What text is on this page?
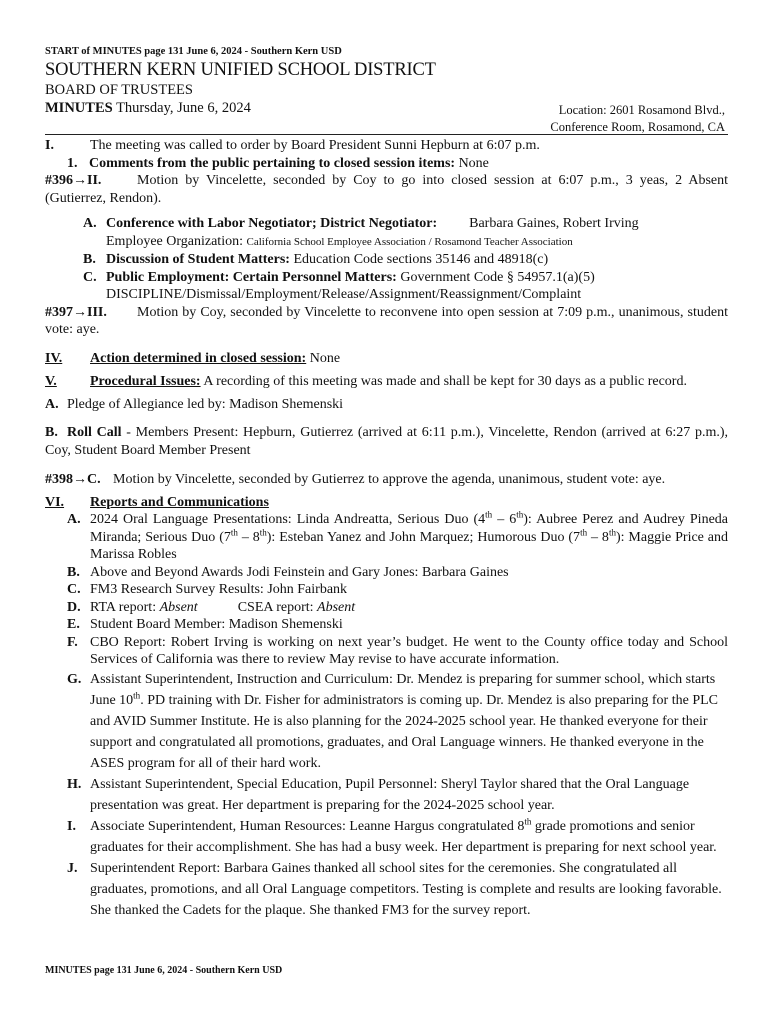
START of MINUTES page 131 June 6, 2024 - Southern Kern USD
SOUTHERN KERN UNIFIED SCHOOL DISTRICT
BOARD OF TRUSTEES
MINUTES Thursday, June 6, 2024	Location: 2601 Rosamond Blvd.,
Conference Room, Rosamond, CA
I.	The meeting was called to order by Board President Sunni Hepburn at 6:07 p.m.
1. Comments from the public pertaining to closed session items: None
#396→II.	Motion by Vincelette, seconded by Coy to go into closed session at 6:07 p.m., 3 yeas, 2 Absent (Gutierrez, Rendon).
A. Conference with Labor Negotiator; District Negotiator: Barbara Gaines, Robert Irving
Employee Organization: California School Employee Association / Rosamond Teacher Association
B. Discussion of Student Matters: Education Code sections 35146 and 48918(c)
C. Public Employment: Certain Personnel Matters: Government Code § 54957.1(a)(5)
DISCIPLINE/Dismissal/Employment/Release/Assignment/Reassignment/Complaint
#397→III. Motion by Coy, seconded by Vincelette to reconvene into open session at 7:09 p.m., unanimous, student vote: aye.
IV.	Action determined in closed session: None
V.	Procedural Issues: A recording of this meeting was made and shall be kept for 30 days as a public record.
A. Pledge of Allegiance led by: Madison Shemenski
B. Roll Call - Members Present: Hepburn, Gutierrez (arrived at 6:11 p.m.), Vincelette, Rendon (arrived at 6:27 p.m.), Coy, Student Board Member Present
#398→C. Motion by Vincelette, seconded by Gutierrez to approve the agenda, unanimous, student vote: aye.
VI.	Reports and Communications
A. 2024 Oral Language Presentations: Linda Andreatta, Serious Duo (4th – 6th): Aubree Perez and Audrey Pineda Miranda; Serious Duo (7th – 8th): Esteban Yanez and John Marquez; Humorous Duo (7th – 8th): Maggie Price and Marissa Robles
B. Above and Beyond Awards Jodi Feinstein and Gary Jones: Barbara Gaines
C. FM3 Research Survey Results: John Fairbank
D. RTA report: Absent	CSEA report: Absent
E. Student Board Member: Madison Shemenski
F. CBO Report: Robert Irving is working on next year’s budget. He went to the County office today and School Services of California was there to review May revise to have accurate information.
G. Assistant Superintendent, Instruction and Curriculum: Dr. Mendez is preparing for summer school, which starts June 10th. PD training with Dr. Fisher for administrators is coming up. Dr. Mendez is also preparing for the PLC and AVID Summer Institute. He is also planning for the 2024-2025 school year. He thanked everyone for their support and congratulated all promotions, graduates, and Oral Language winners. He thanked everyone in the ASES program for all of their hard work.
H. Assistant Superintendent, Special Education, Pupil Personnel: Sheryl Taylor shared that the Oral Language presentation was great. Her department is preparing for the 2024-2025 school year.
I.	Associate Superintendent, Human Resources: Leanne Hargus congratulated 8th grade promotions and senior graduates for their accomplishment. She has had a busy week. Her department is preparing for next school year.
J. Superintendent Report: Barbara Gaines thanked all school sites for the ceremonies. She congratulated all graduates, promotions, and all Oral Language competitors. Testing is complete and results are looking favorable. She thanked the Cadets for the plaque. She thanked FM3 for the survey report.
MINUTES page 131 June 6, 2024 - Southern Kern USD
